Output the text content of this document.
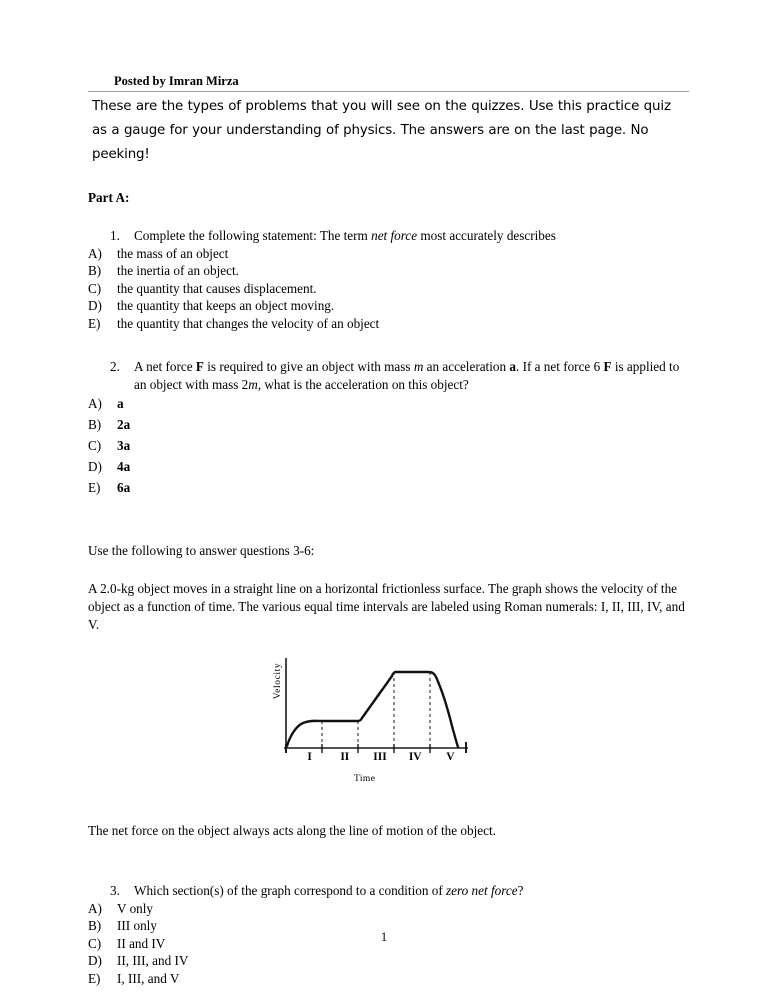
Posted by Imran Mirza

These are the types of problems that you will see on the quizzes. Use this practice quiz as a gauge for your understanding of physics. The answers are on the last page. No peeking!

Part A:
1.	Complete the following statement: The term net force most accurately describes
A)	the mass of an object
B)	the inertia of an object.
C)	the quantity that causes displacement.
D)	the quantity that keeps an object moving.
E)	the quantity that changes the velocity of an object
2.	A net force F is required to give an object with mass m an acceleration a. If a net force 6 F is applied to an object with mass 2m, what is the acceleration on this object?
A)	a
B)	2a
C)	3a
D)	4a
E)	6a

Use the following to answer questions 3-6:

A 2.0-kg object moves in a straight line on a horizontal frictionless surface. The graph shows the velocity of the object as a function of time. The various equal time intervals are labeled using Roman numerals: I, II, III, IV, and V.
Velocity
Time
I	II	III	IV	V

The net force on the object always acts along the line of motion of the object.

3.	Which section(s) of the graph correspond to a condition of zero net force?
A)	V only
B)	III only
C)	II and IV
D)	II, III, and IV
E)	I, III, and V
1
